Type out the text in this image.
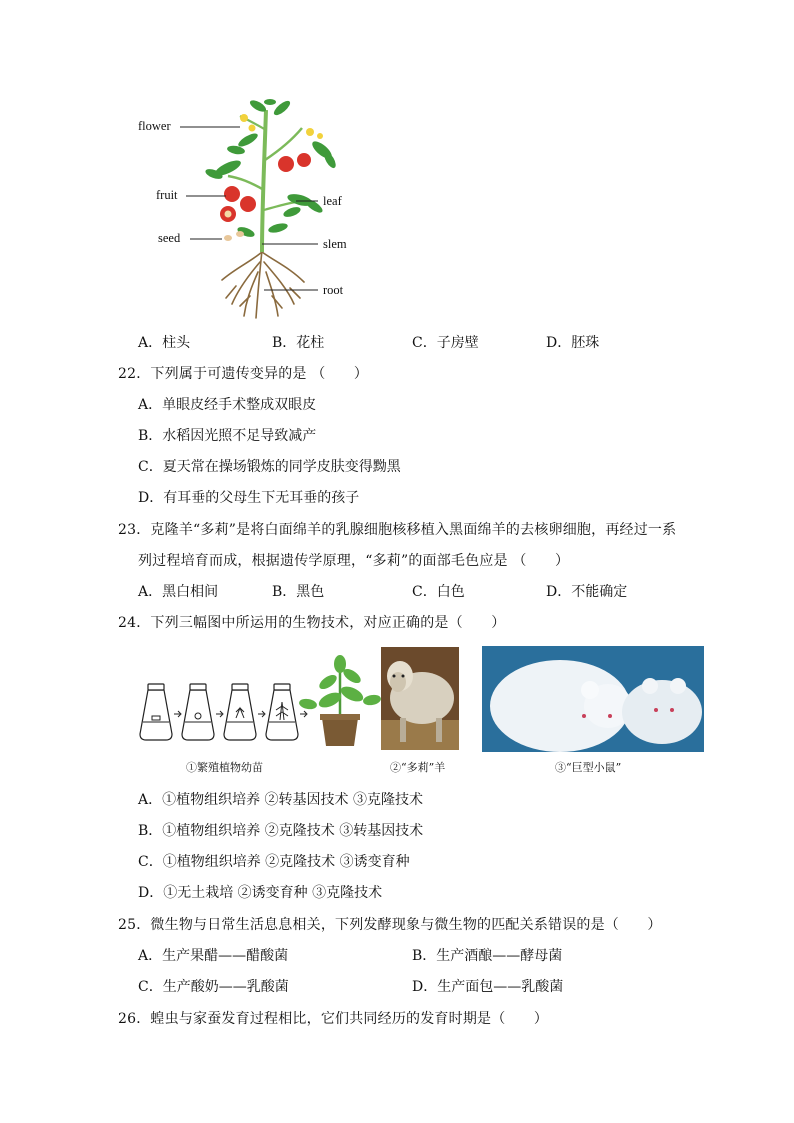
flower
fruit
seed
leaf
slem
root
A．柱头	B．花柱	C．子房壁	D．胚珠
22．下列属于可遗传变异的是 （　　）
A．单眼皮经手术整成双眼皮
B．水稻因光照不足导致减产
C．夏天常在操场锻炼的同学皮肤变得黝黑
D．有耳垂的父母生下无耳垂的孩子
23．克隆羊“多莉”是将白面绵羊的乳腺细胞核移植入黑面绵羊的去核卵细胞，再经过一系
列过程培育而成，根据遗传学原理，“多莉”的面部毛色应是 （　　）
A．黑白相间	B．黑色	C．白色	D．不能确定
24．下列三幅图中所运用的生物技术，对应正确的是（　　）
①繁殖植物幼苗	②“多莉”羊	③“巨型小鼠”
A．①植物组织培养 ②转基因技术 ③克隆技术
B．①植物组织培养 ②克隆技术 ③转基因技术
C．①植物组织培养 ②克隆技术 ③诱变育种
D．①无土栽培 ②诱变育种 ③克隆技术
25．微生物与日常生活息息相关，下列发酵现象与微生物的匹配关系错误的是（　　）
A．生产果醋——醋酸菌	B．生产酒酿——酵母菌
C．生产酸奶——乳酸菌	D．生产面包——乳酸菌
26．蝗虫与家蚕发育过程相比，它们共同经历的发育时期是（　　）
